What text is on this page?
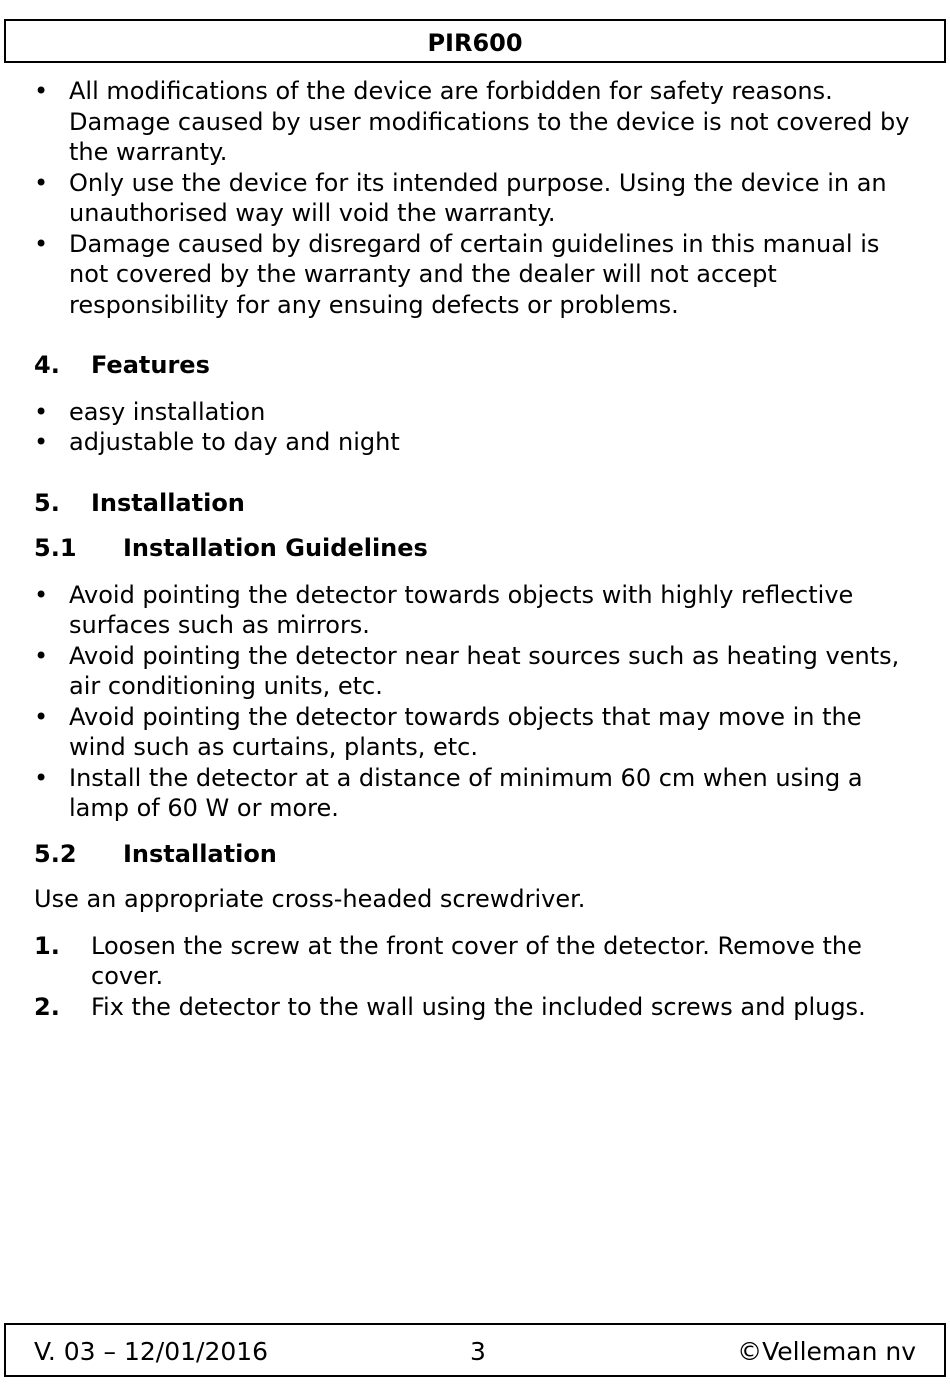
PIR600
• All modifications of the device are forbidden for safety reasons. Damage caused by user modifications to the device is not covered by the warranty.
• Only use the device for its intended purpose. Using the device in an unauthorised way will void the warranty.
• Damage caused by disregard of certain guidelines in this manual is not covered by the warranty and the dealer will not accept responsibility for any ensuing defects or problems.
4.	Features
• easy installation
• adjustable to day and night
5.	Installation
5.1	Installation Guidelines
• Avoid pointing the detector towards objects with highly reflective surfaces such as mirrors.
• Avoid pointing the detector near heat sources such as heating vents, air conditioning units, etc.
• Avoid pointing the detector towards objects that may move in the wind such as curtains, plants, etc.
• Install the detector at a distance of minimum 60 cm when using a lamp of 60 W or more.
5.2	Installation

Use an appropriate cross-headed screwdriver.

1.	Loosen the screw at the front cover of the detector. Remove the cover.
2.	Fix the detector to the wall using the included screws and plugs.
V. 03 – 12/01/2016	3	©Velleman nv
